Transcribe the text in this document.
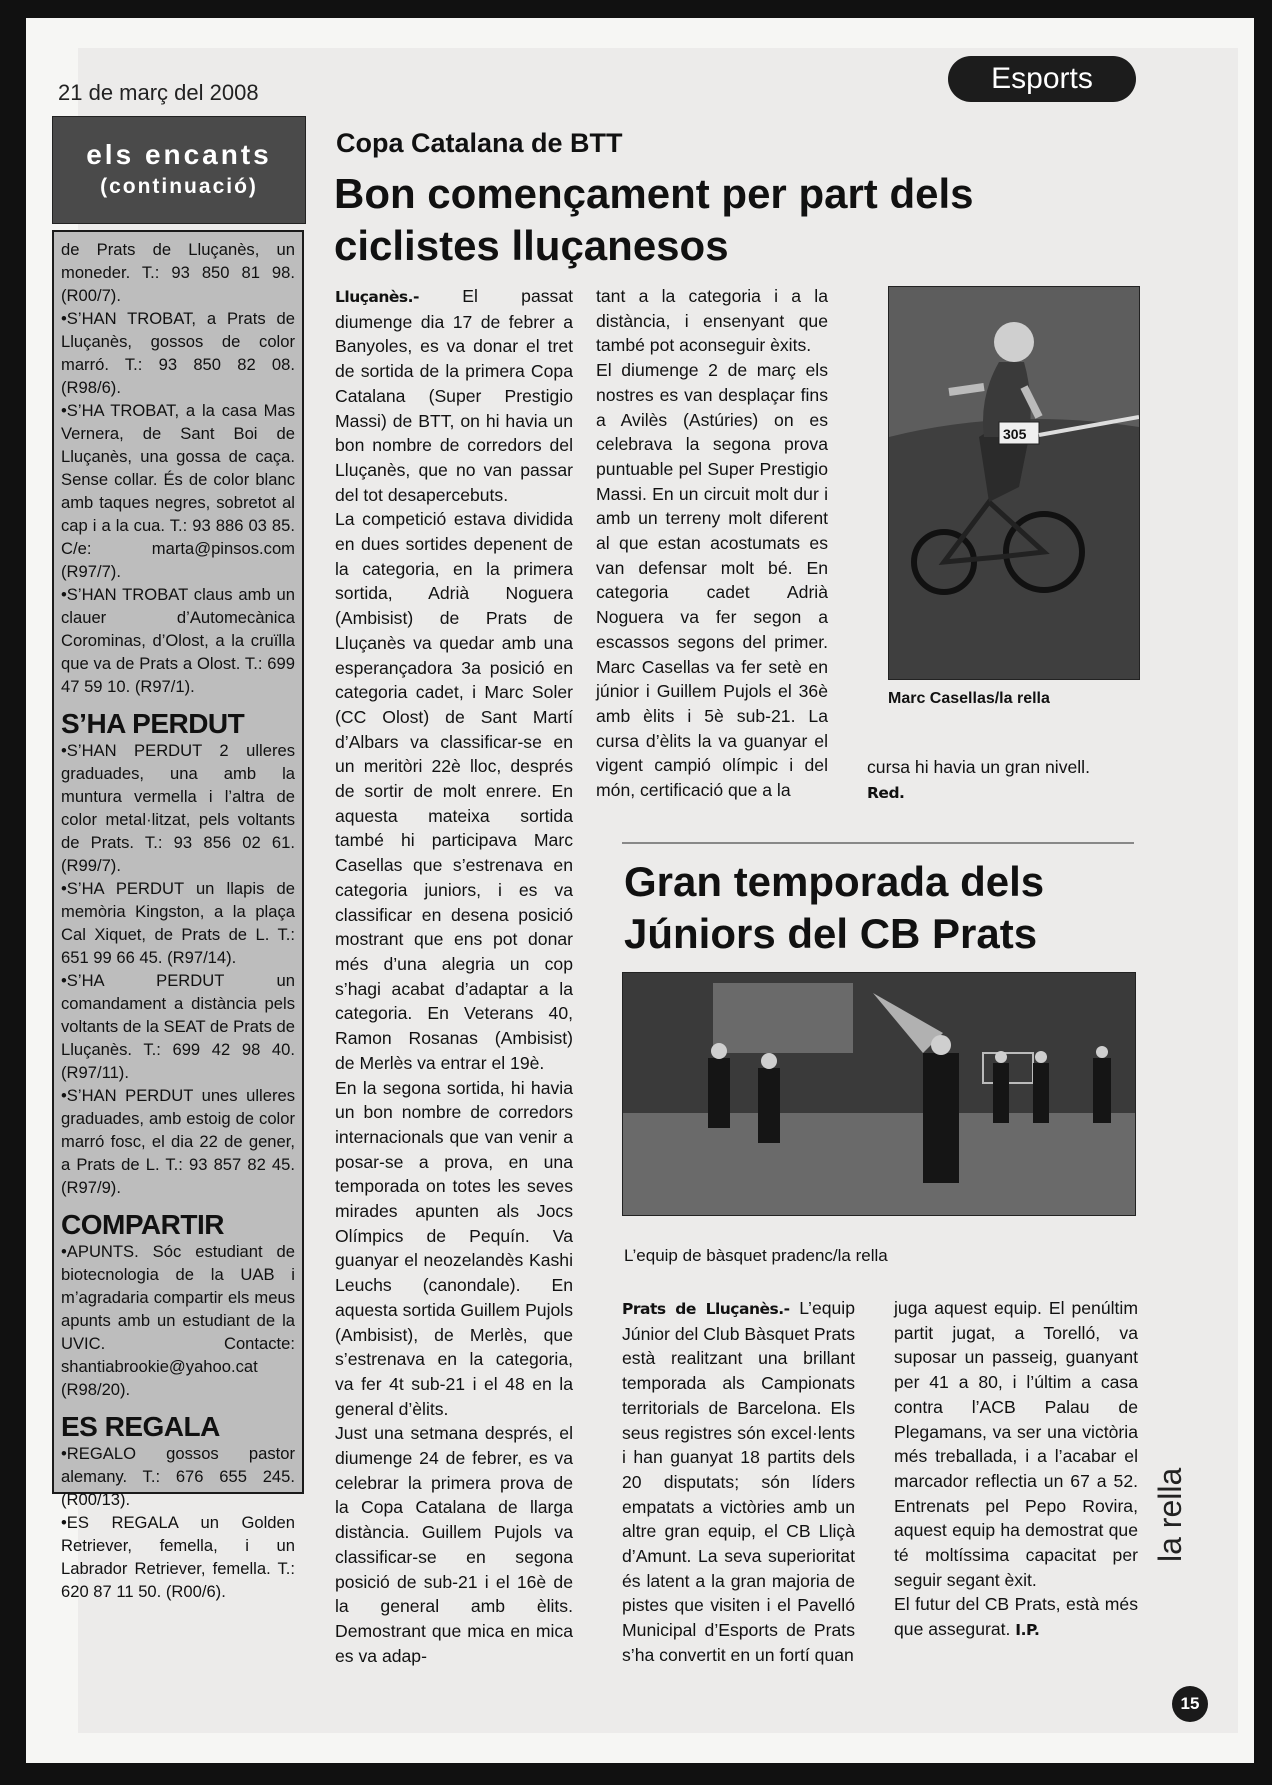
21 de març del 2008	Esports
els encants
(continuació)

de Prats de Lluçanès, un moneder. T.: 93 850 81 98. (R00/7).

•S’HAN TROBAT, a Prats de Lluçanès, gossos de color marró. T.: 93 850 82 08. (R98/6).

•S’HA TROBAT, a la casa Mas Vernera, de Sant Boi de Lluçanès, una gossa de caça. Sense collar. És de color blanc amb taques negres, sobretot al cap i a la cua. T.: 93 886 03 85. C/e: marta@pinsos.com (R97/7).

•S’HAN TROBAT claus amb un clauer d’Automecànica Corominas, d’Olost, a la cruïlla que va de Prats a Olost. T.: 699 47 59 10. (R97/1).

S’HA PERDUT

•S’HAN PERDUT 2 ulleres graduades, una amb la muntura vermella i l’altra de color metal·litzat, pels voltants de Prats. T.: 93 856 02 61. (R99/7).

•S’HA PERDUT un llapis de memòria Kingston, a la plaça Cal Xiquet, de Prats de L. T.: 651 99 66 45. (R97/14).

•S’HA PERDUT un comandament a distància pels voltants de la SEAT de Prats de Lluçanès. T.: 699 42 98 40. (R97/11).

•S’HAN PERDUT unes ulleres graduades, amb estoig de color marró fosc, el dia 22 de gener, a Prats de L. T.: 93 857 82 45. (R97/9).

COMPARTIR

•APUNTS. Sóc estudiant de biotecnologia de la UAB i m’agradaria compartir els meus apunts amb un estudiant de la UVIC. Contacte: shantiabrookie@yahoo.cat (R98/20).

ES REGALA

•REGALO gossos pastor alemany. T.: 676 655 245. (R00/13).

•ES REGALA un Golden Retriever, femella, i un Labrador Retriever, femella. T.: 620 87 11 50. (R00/6).

Copa Catalana de BTT
Bon començament per part dels ciclistes lluçanesos

Lluçanès.- El passat diumenge dia 17 de febrer a Banyoles, es va donar el tret de sortida de la primera Copa Catalana (Super Prestigio Massi) de BTT, on hi havia un bon nombre de corredors del Lluçanès, que no van passar del tot desapercebuts.

La competició estava dividida en dues sortides depenent de la categoria, en la primera sortida, Adrià Noguera (Ambisist) de Prats de Lluçanès va quedar amb una esperançadora 3a posició en categoria cadet, i Marc Soler (CC Olost) de Sant Martí d’Albars va classificar-se en un meritòri 22è lloc, després de sortir de molt enrere. En aquesta mateixa sortida també hi participava Marc Casellas que s’estrenava en categoria juniors, i es va classificar en desena posició mostrant que ens pot donar més d’una alegria un cop s’hagi acabat d’adaptar a la categoria. En Veterans 40, Ramon Rosanas (Ambisist) de Merlès va entrar el 19è.

En la segona sortida, hi havia un bon nombre de corredors internacionals que van venir a posar-se a prova, en una temporada on totes les seves mirades apunten als Jocs Olímpics de Pequín. Va guanyar el neozelandès Kashi Leuchs (canondale). En aquesta sortida Guillem Pujols (Ambisist), de Merlès, que s’estrenava en la categoria, va fer 4t sub-21 i el 48 en la general d’èlits.

Just una setmana després, el diumenge 24 de febrer, es va celebrar la primera prova de la Copa Catalana de llarga distància. Guillem Pujols va classificar-se en segona posició de sub-21 i el 16è de la general amb èlits. Demostrant que mica en mica es va adap-

tant a la categoria i a la distància, i ensenyant que també pot aconseguir èxits.

El diumenge 2 de març els nostres es van desplaçar fins a Avilès (Astúries) on es celebrava la segona prova puntuable pel Super Prestigio Massi. En un circuit molt dur i amb un terreny molt diferent al que estan acostumats es van defensar molt bé. En categoria cadet Adrià Noguera va fer segon a escassos segons del primer. Marc Casellas va fer setè en júnior i Guillem Pujols el 36è amb èlits i 5è sub-21. La cursa d’èlits la va guanyar el vigent campió olímpic i del món, certificació que a la

305
Marc Casellas/la rella

cursa hi havia un gran nivell.

Red.

Gran temporada dels Júniors del CB Prats
L’equip de bàsquet pradenc/la rella

Prats de Lluçanès.- L’equip Júnior del Club Bàsquet Prats està realitzant una brillant temporada als Campionats territorials de Barcelona. Els seus registres són excel·lents i han guanyat 18 partits dels 20 disputats; són líders empatats a victòries amb un altre gran equip, el CB Lliçà d’Amunt. La seva superioritat és latent a la gran majoria de pistes que visiten i el Pavelló Municipal d’Esports de Prats s’ha convertit en un fortí quan

juga aquest equip. El penúltim partit jugat, a Torelló, va suposar un passeig, guanyant per 41 a 80, i l’últim a casa contra l’ACB Palau de Plegamans, va ser una victòria més treballada, i a l’acabar el marcador reflectia un 67 a 52. Entrenats pel Pepo Rovira, aquest equip ha demostrat que té moltíssima capacitat per seguir segant èxit.

El futur del CB Prats, està més que assegurat. I.P.

la rella
15
